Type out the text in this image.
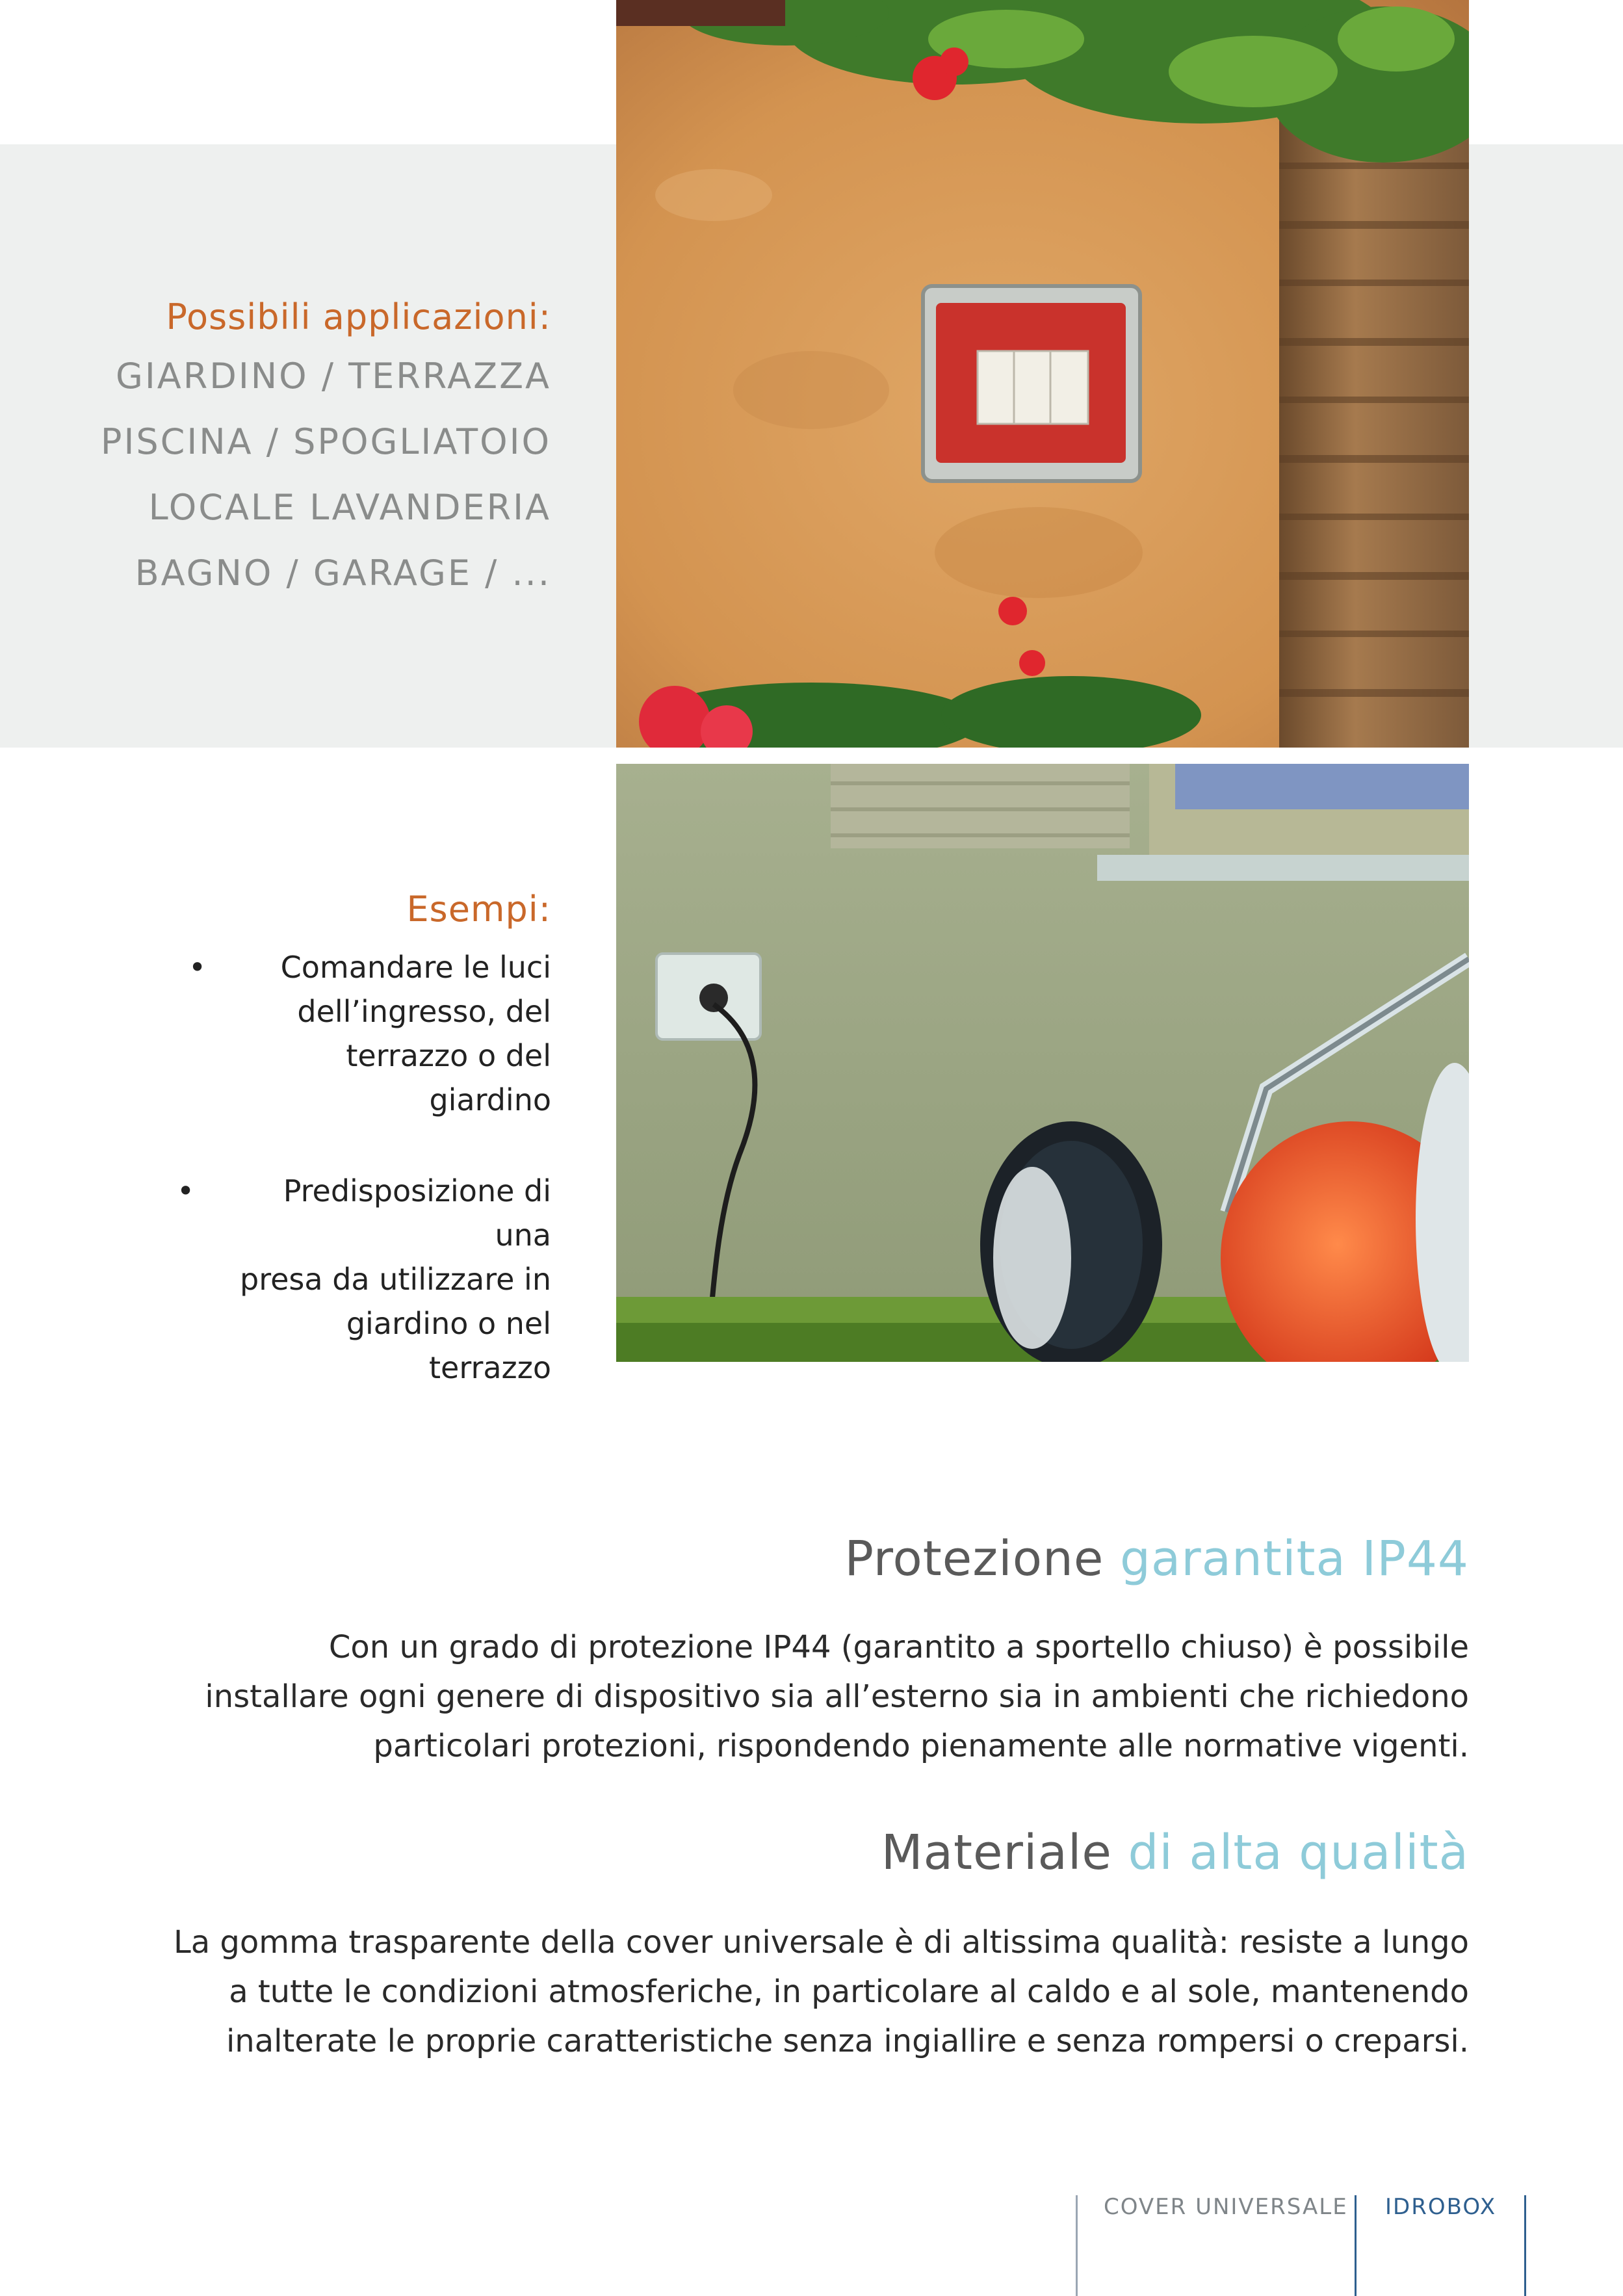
Possibili applicazioni:
GIARDINO / TERRAZZA
PISCINA / SPOGLIATOIO
LOCALE LAVANDERIA
BAGNO / GARAGE / ...
Esempi:
•	Comandare le luci
dell’ingresso, del
terrazzo o del giardino
•	Predisposizione di una
presa da utilizzare in
giardino o nel terrazzo
Protezione garantita IP44

Con un grado di protezione IP44 (garantito a sportello chiuso) è possibile
installare ogni genere di dispositivo sia all’esterno sia in ambienti che richiedono
particolari protezioni, rispondendo pienamente alle normative vigenti.

Materiale di alta qualità

La gomma trasparente della cover universale è di altissima qualità: resiste a lungo
a tutte le condizioni atmosferiche, in particolare al caldo e al sole, mantenendo
inalterate le proprie caratteristiche senza ingiallire e senza rompersi o creparsi.

COVER UNIVERSALE IDROBOX
